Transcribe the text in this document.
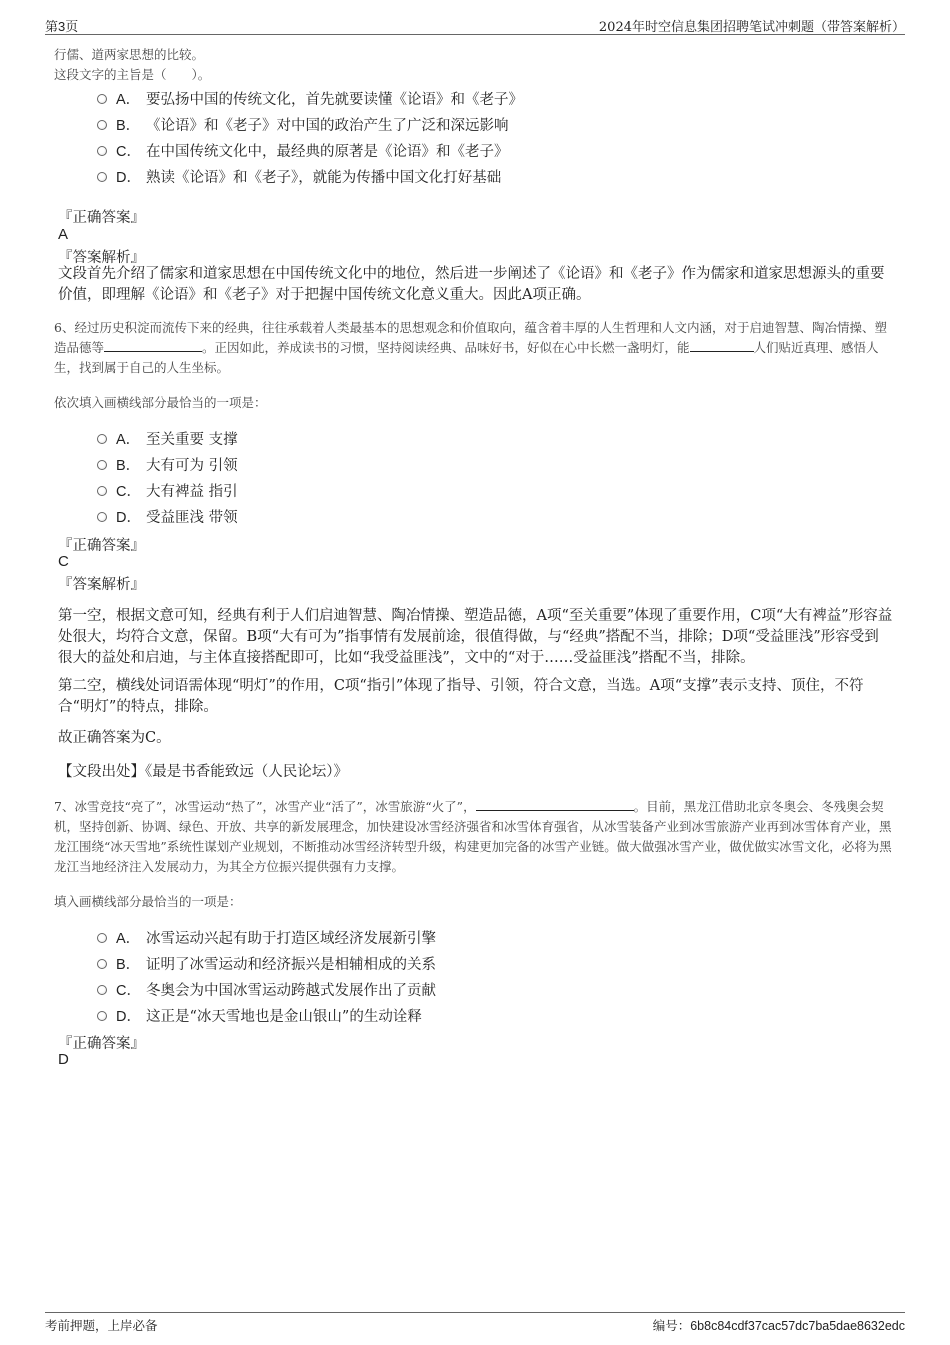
第3页	2024年时空信息集团招聘笔试冲刺题（带答案解析）
行儒、道两家思想的比较。
这段文字的主旨是（　　）。
A． 要弘扬中国的传统文化，首先就要读懂《论语》和《老子》
B． 《论语》和《老子》对中国的政治产生了广泛和深远影响
C． 在中国传统文化中，最经典的原著是《论语》和《老子》
D． 熟读《论语》和《老子》，就能为传播中国文化打好基础
『正确答案』
A
『答案解析』
文段首先介绍了儒家和道家思想在中国传统文化中的地位，然后进一步阐述了《论语》和《老子》作为儒家和道家思想源头的重要价值，即理解《论语》和《老子》对于把握中国传统文化意义重大。因此A项正确。
6、经过历史积淀而流传下来的经典，往往承载着人类最基本的思想观念和价值取向，蕴含着丰厚的人生哲理和人文内涵，对于启迪智慧、陶冶情操、塑造品德等	。正因如此，养成读书的习惯，坚持阅读经典、品味好书，好似在心中长燃一盏明灯，能	人们贴近真理、感悟人生，找到属于自己的人生坐标。
依次填入画横线部分最恰当的一项是：
A． 至关重要 支撑
B． 大有可为 引领
C． 大有裨益 指引
D． 受益匪浅 带领
『正确答案』
C
『答案解析』
第一空，根据文意可知，经典有利于人们启迪智慧、陶冶情操、塑造品德，A项“至关重要”体现了重要作用，C项“大有裨益”形容益处很大，均符合文意，保留。B项“大有可为”指事情有发展前途，很值得做，与“经典”搭配不当，排除；D项“受益匪浅”形容受到很大的益处和启迪，与主体直接搭配即可，比如“我受益匪浅”，文中的“对于……受益匪浅”搭配不当，排除。
第二空，横线处词语需体现“明灯”的作用，C项“指引”体现了指导、引领，符合文意，当选。A项“支撑”表示支持、顶住，不符合“明灯”的特点，排除。
故正确答案为C。
【文段出处】《最是书香能致远（人民论坛）》
7、冰雪竞技“亮了”，冰雪运动“热了”，冰雪产业“活了”，冰雪旅游“火了”，	。目前，黑龙江借助北京冬奥会、冬残奥会契机，坚持创新、协调、绿色、开放、共享的新发展理念，加快建设冰雪经济强省和冰雪体育强省，从冰雪装备产业到冰雪旅游产业再到冰雪体育产业，黑龙江围绕“冰天雪地”系统性谋划产业规划，不断推动冰雪经济转型升级，构建更加完备的冰雪产业链。做大做强冰雪产业，做优做实冰雪文化，必将为黑龙江当地经济注入发展动力，为其全方位振兴提供强有力支撑。
填入画横线部分最恰当的一项是：
A． 冰雪运动兴起有助于打造区域经济发展新引擎
B． 证明了冰雪运动和经济振兴是相辅相成的关系
C． 冬奥会为中国冰雪运动跨越式发展作出了贡献
D． 这正是“冰天雪地也是金山银山”的生动诠释
『正确答案』
D
考前押题，上岸必备	编号：6b8c84cdf37cac57dc7ba5dae8632edc
